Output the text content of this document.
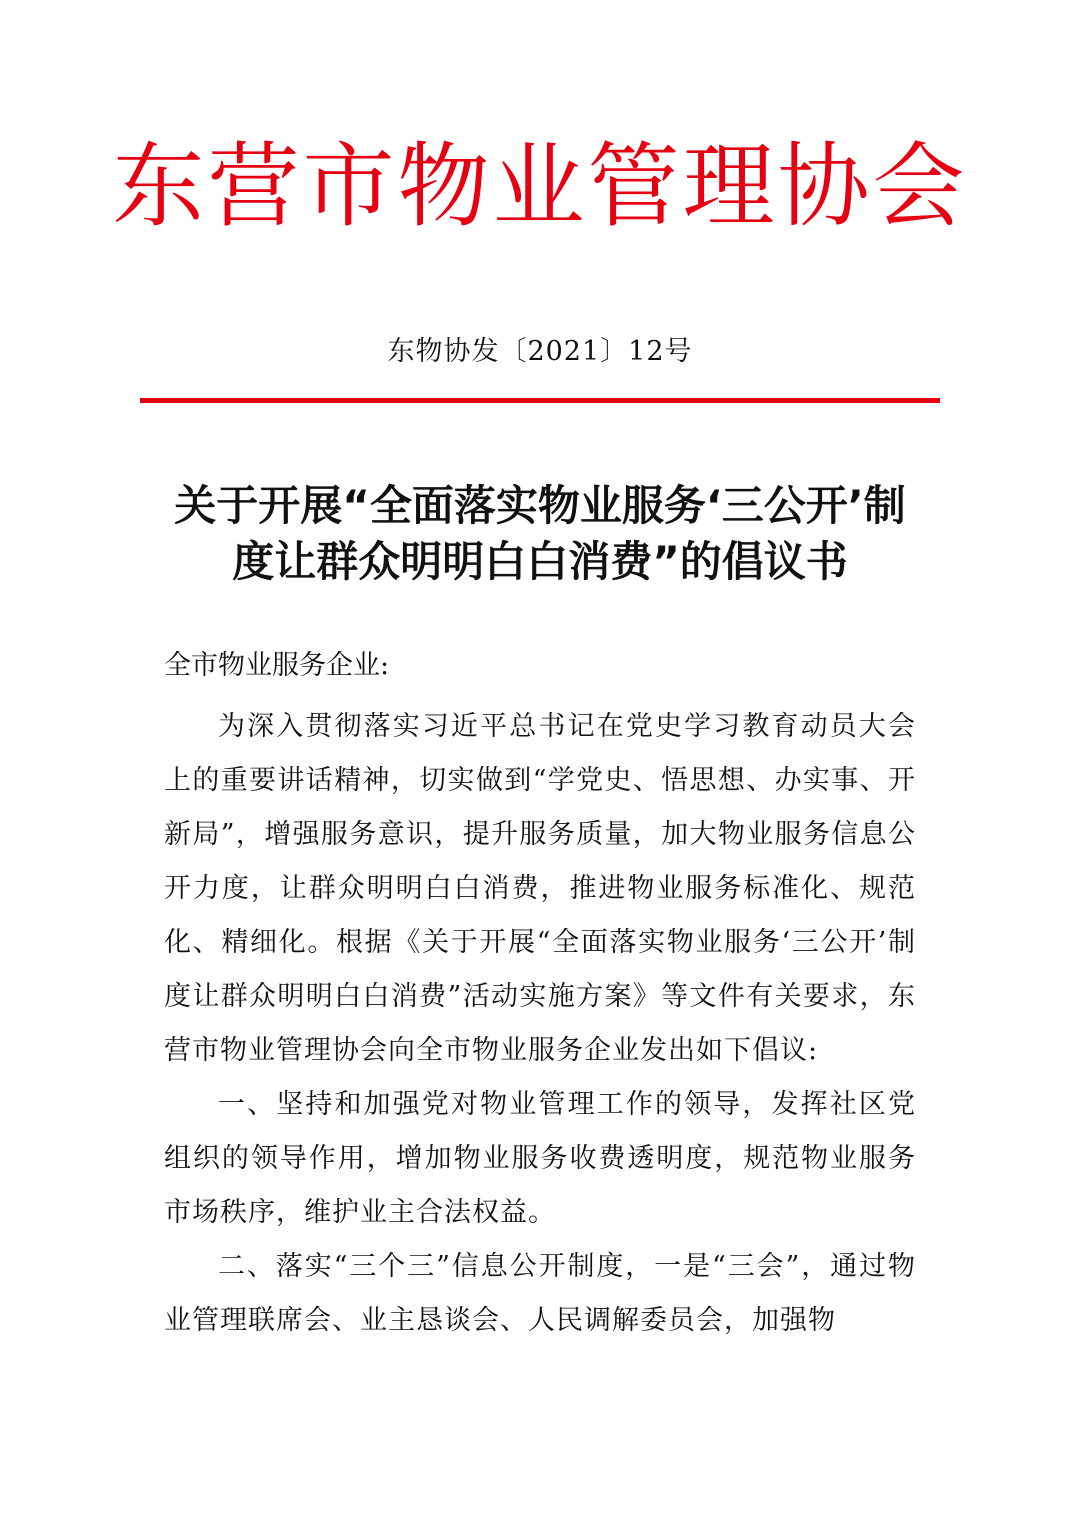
东营市物业管理协会
东物协发〔2021〕12号
关于开展“全面落实物业服务‘三公开’制
度让群众明明白白消费”的倡议书
全市物业服务企业:

为深入贯彻落实习近平总书记在党史学习教育动员大会上的重要讲话精神，切实做到“学党史、悟思想、办实事、开新局”，增强服务意识，提升服务质量，加大物业服务信息公开力度，让群众明明白白消费，推进物业服务标准化、规范化、精细化。根据《关于开展“全面落实物业服务‘三公开’制度让群众明明白白消费”活动实施方案》等文件有关要求，东营市物业管理协会向全市物业服务企业发出如下倡议:

一、坚持和加强党对物业管理工作的领导，发挥社区党组织的领导作用，增加物业服务收费透明度，规范物业服务市场秩序，维护业主合法权益。

二、落实“三个三”信息公开制度，一是“三会”，通过物业管理联席会、业主恳谈会、人民调解委员会，加强物
